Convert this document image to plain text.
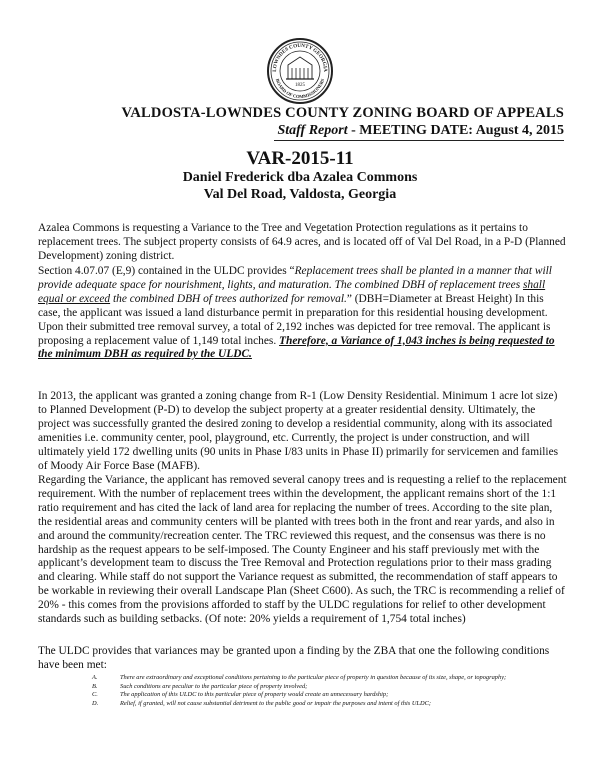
LOWNDES COUNTY GEORGIA
BOARD OF COMMISSIONERS
1825
VALDOSTA-LOWNDES COUNTY ZONING BOARD OF APPEALS
Staff Report - MEETING DATE: August 4, 2015
VAR-2015-11
Daniel Frederick dba Azalea Commons
Val Del Road, Valdosta, Georgia

Azalea Commons is requesting a Variance to the Tree and Vegetation Protection regulations as it pertains to replacement trees. The subject property consists of 64.9 acres, and is located off of Val Del Road, in a P-D (Planned Development) zoning district.

Section 4.07.07 (E,9) contained in the ULDC provides “Replacement trees shall be planted in a manner that will provide adequate space for nourishment, lights, and maturation. The combined DBH of replacement trees shall equal or exceed the combined DBH of trees authorized for removal.” (DBH=Diameter at Breast Height) In this case, the applicant was issued a land disturbance permit in preparation for this residential housing development. Upon their submitted tree removal survey, a total of 2,192 inches was depicted for tree removal. The applicant is proposing a replacement value of 1,149 total inches. Therefore, a Variance of 1,043 inches is being requested to the minimum DBH as required by the ULDC.

In 2013, the applicant was granted a zoning change from R-1 (Low Density Residential. Minimum 1 acre lot size) to Planned Development (P-D) to develop the subject property at a greater residential density. Ultimately, the project was successfully granted the desired zoning to develop a residential community, along with its associated amenities i.e. community center, pool, playground, etc. Currently, the project is under construction, and will ultimately yield 172 dwelling units (90 units in Phase I/83 units in Phase II) primarily for servicemen and families of Moody Air Force Base (MAFB).

Regarding the Variance, the applicant has removed several canopy trees and is requesting a relief to the replacement requirement. With the number of replacement trees within the development, the applicant remains short of the 1:1 ratio requirement and has cited the lack of land area for replacing the number of trees. According to the site plan, the residential areas and community centers will be planted with trees both in the front and rear yards, and also in and around the community/recreation center. The TRC reviewed this request, and the consensus was there is no hardship as the request appears to be self-imposed. The County Engineer and his staff previously met with the applicant’s development team to discuss the Tree Removal and Protection regulations prior to their mass grading and clearing. While staff do not support the Variance request as submitted, the recommendation of staff appears to be workable in reviewing their overall Landscape Plan (Sheet C600). As such, the TRC is recommending a relief of 20% - this comes from the provisions afforded to staff by the ULDC regulations for relief to other development standards such as building setbacks. (Of note: 20% yields a requirement of 1,754 total inches)

The ULDC provides that variances may be granted upon a finding by the ZBA that one the following conditions have been met:

A.	There are extraordinary and exceptional conditions pertaining to the particular piece of property in question because of its size, shape, or topography;
B.	Such conditions are peculiar to the particular piece of property involved;
C.	The application of this ULDC to this particular piece of property would create an unnecessary hardship;
D.	Relief, if granted, will not cause substantial detriment to the public good or impair the purposes and intent of this ULDC;
